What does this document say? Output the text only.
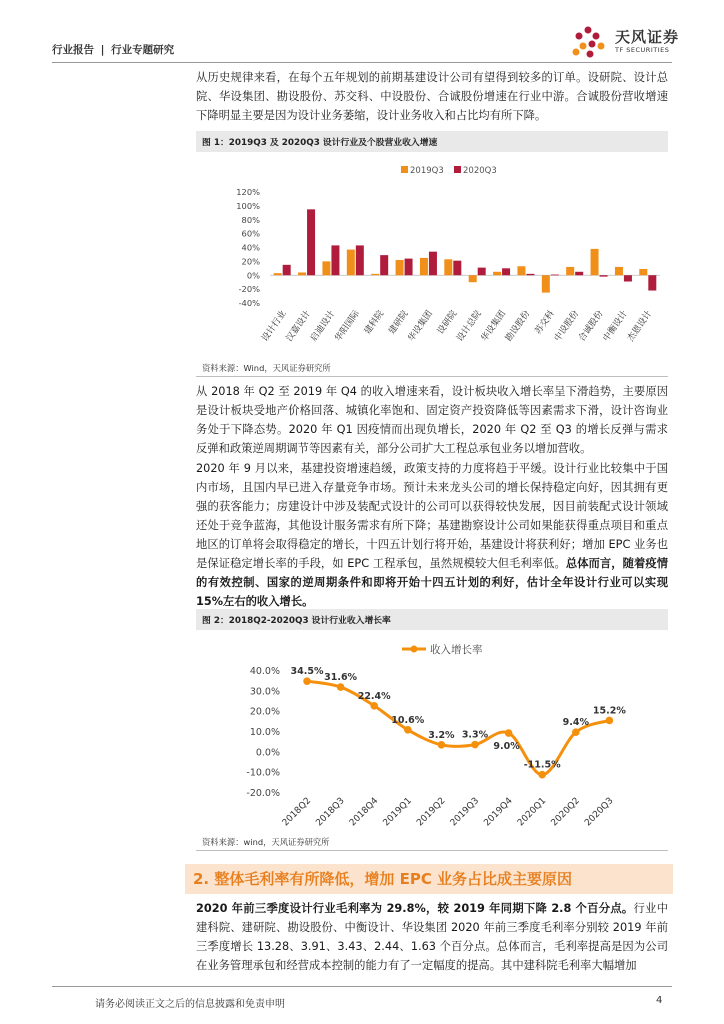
行业报告 | 行业专题研究
天风证券
TF SECURITIES

从历史规律来看，在每个五年规划的前期基建设计公司有望得到较多的订单。设研院、设计总院、华设集团、勘设股份、苏交科、中设股份、合诚股份增速在行业中游。合诚股份营收增速下降明显主要是因为设计业务萎缩，设计业务收入和占比均有所下降。

图 1：2019Q3 及 2020Q3 设计行业及个股营业收入增速
2019Q3 2020Q3
120%
100%
80%
60%
40%
20%
0%
-20%
-40%
设计行业
汉嘉设计
启迪设计
华阳国际 建科院 建研院
华设集团 设研院
设计总院
华设集团
勘设股份 苏交科
中设股份
合诚股份
中衡设计
杰恩设计
资料来源：Wind，天风证券研究所

从 2018 年 Q2 至 2019 年 Q4 的收入增速来看，设计板块收入增长率呈下滑趋势，主要原因是设计板块受地产价格回落、城镇化率饱和、固定资产投资降低等因素需求下滑，设计咨询业务处于下降态势。2020 年 Q1 因疫情而出现负增长，2020 年 Q2 至 Q3 的增长反弹与需求反弹和政策逆周期调节等因素有关，部分公司扩大工程总承包业务以增加营收。

2020 年 9 月以来，基建投资增速趋缓，政策支持的力度将趋于平缓。设计行业比较集中于国内市场，且国内早已进入存量竞争市场。预计未来龙头公司的增长保持稳定向好，因其拥有更强的获客能力；房建设计中涉及装配式设计的公司可以获得较快发展，因目前装配式设计领域还处于竞争蓝海，其他设计服务需求有所下降；基建勘察设计公司如果能获得重点项目和重点地区的订单将会取得稳定的增长，十四五计划行将开始，基建设计将获利好；增加 EPC 业务也是保证稳定增长率的手段，如 EPC 工程承包，虽然规模较大但毛利率低。总体而言，随着疫情的有效控制、国家的逆周期条件和即将开始十四五计划的利好，估计全年设计行业可以实现 15%左右的收入增长。

图 2：2018Q2-2020Q3 设计行业收入增长率
收入增长率
40.0%
30.0%
20.0%
10.0%
0.0%
-10.0%
-20.0%
34.5%
31.6%
22.4%
10.6%
3.2% 3.3%
9.0%
-11.5%
9.4%
15.2%
2018Q2 2018Q3 2018Q4 2019Q1 2019Q2 2019Q3 2019Q4 2020Q1 2020Q2 2020Q3
资料来源：wind，天风证券研究所
2. 整体毛利率有所降低，增加 EPC 业务占比成主要原因

2020 年前三季度设计行业毛利率为 29.8%，较 2019 年同期下降 2.8 个百分点。行业中建科院、建研院、勘设股份、中衡设计、华设集团 2020 年前三季度毛利率分别较 2019 年前三季度增长 13.28、3.91、3.43、2.44、1.63 个百分点。总体而言，毛利率提高是因为公司在业务管理承包和经营成本控制的能力有了一定幅度的提高。其中建科院毛利率大幅增加

请务必阅读正文之后的信息披露和免责申明	4
